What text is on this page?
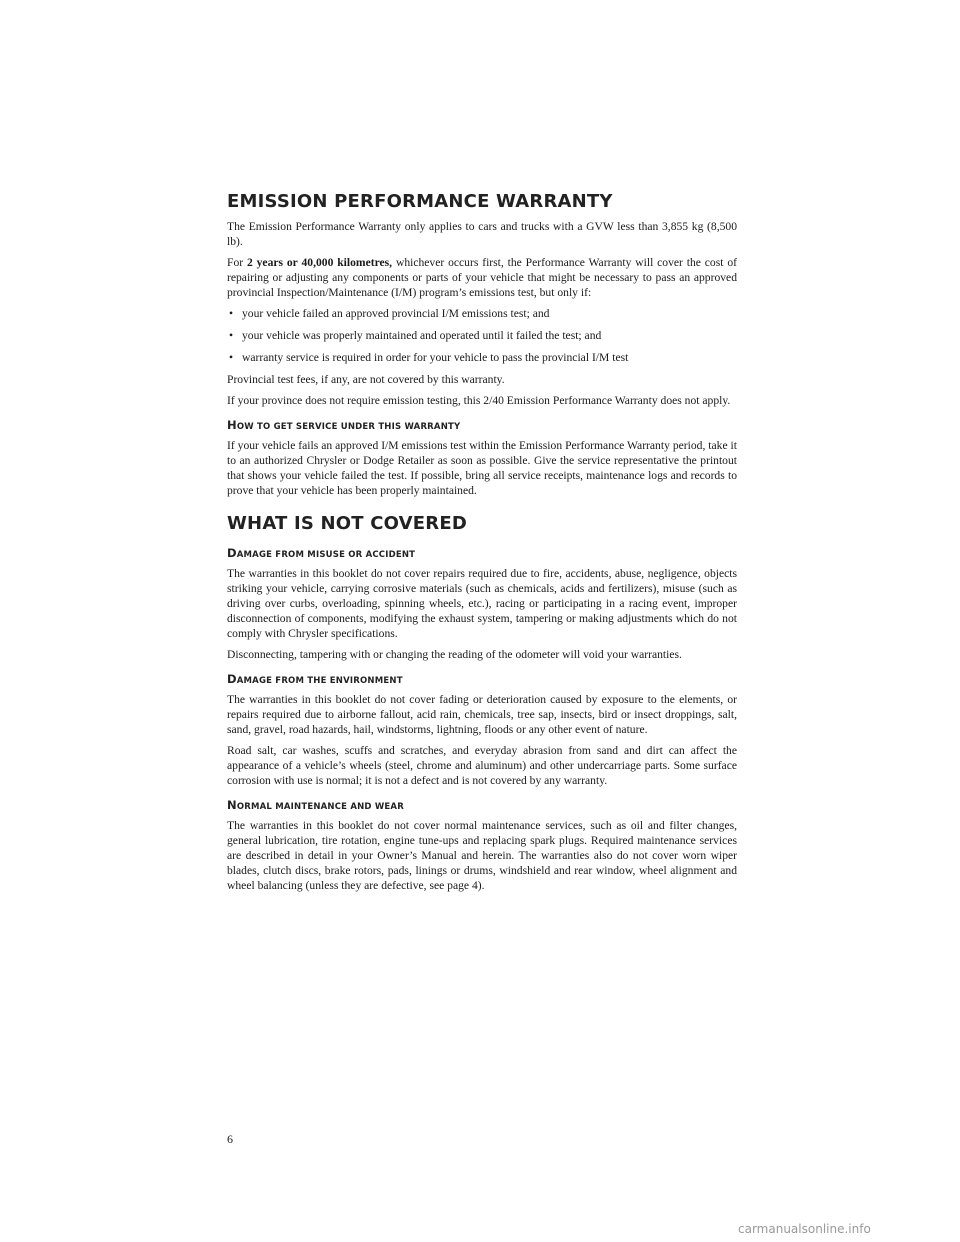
EMISSION PERFORMANCE WARRANTY

The Emission Performance Warranty only applies to cars and trucks with a GVW less than 3,855 kg (8,500 lb).

For 2 years or 40,000 kilometres, whichever occurs first, the Performance Warranty will cover the cost of repairing or adjusting any components or parts of your vehicle that might be necessary to pass an approved provincial Inspection/Maintenance (I/M) program’s emissions test, but only if:

• your vehicle failed an approved provincial I/M emissions test; and
• your vehicle was properly maintained and operated until it failed the test; and
• warranty service is required in order for your vehicle to pass the provincial I/M test

Provincial test fees, if any, are not covered by this warranty.

If your province does not require emission testing, this 2/40 Emission Performance Warranty does not apply.

HOW TO GET SERVICE UNDER THIS WARRANTY

If your vehicle fails an approved I/M emissions test within the Emission Performance Warranty period, take it to an authorized Chrysler or Dodge Retailer as soon as possible. Give the service representative the printout that shows your vehicle failed the test. If possible, bring all service receipts, maintenance logs and records to prove that your vehicle has been properly maintained.

WHAT IS NOT COVERED
DAMAGE FROM MISUSE OR ACCIDENT

The warranties in this booklet do not cover repairs required due to fire, accidents, abuse, negligence, objects striking your vehicle, carrying corrosive materials (such as chemicals, acids and fertilizers), misuse (such as driving over curbs, overloading, spinning wheels, etc.), racing or participating in a racing event, improper disconnection of components, modifying the exhaust system, tampering or making adjustments which do not comply with Chrysler specifications.

Disconnecting, tampering with or changing the reading of the odometer will void your warranties.

DAMAGE FROM THE ENVIRONMENT

The warranties in this booklet do not cover fading or deterioration caused by exposure to the elements, or repairs required due to airborne fallout, acid rain, chemicals, tree sap, insects, bird or insect droppings, salt, sand, gravel, road hazards, hail, windstorms, lightning, floods or any other event of nature.

Road salt, car washes, scuffs and scratches, and everyday abrasion from sand and dirt can affect the appearance of a vehicle’s wheels (steel, chrome and aluminum) and other undercarriage parts. Some surface corrosion with use is normal; it is not a defect and is not covered by any warranty.

NORMAL MAINTENANCE AND WEAR

The warranties in this booklet do not cover normal maintenance services, such as oil and filter changes, general lubrication, tire rotation, engine tune-ups and replacing spark plugs. Required maintenance services are described in detail in your Owner’s Manual and herein. The warranties also do not cover worn wiper blades, clutch discs, brake rotors, pads, linings or drums, windshield and rear window, wheel alignment and wheel balancing (unless they are defective, see page 4).

6
carmanualsonline.info
